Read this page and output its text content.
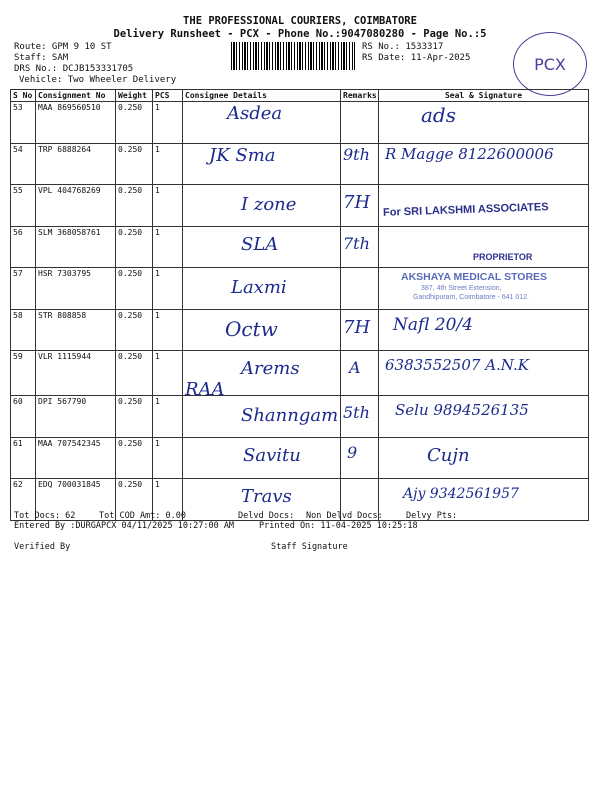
THE PROFESSIONAL COURIERS, COIMBATORE
Delivery Runsheet - PCX - Phone No.:9047080280 - Page No.:5
Route: GPM 9 10 ST
Staff: SAM
DRS No.: DCJB153331705
Vehicle: Two Wheeler Delivery
RS No.: 1533317
RS Date: 11-Apr-2025	PCX
S No	Consignment No	Weight	PCS	Consignee Details	Remarks	Seal & Signature
53	MAA 869560510	0.250	1	Asdea		ads
54	TRP 6888264	0.250	1	JK Sma	9th	R Magge 8122600006
55	VPL 404768269	0.250	1	I zone	7H	For SRI LAKSHMI ASSOCIATES
56	SLM 368058761	0.250	1	SLA	7th	PROPRIETOR
57	HSR 7303795	0.250	1	Laxmi		AKSHAYA MEDICAL STORES
387, 4th Street Extension,
Gandhipuram, Coimbatore - 641 012.

58	STR 808858	0.250	1	Octw	7H	Nafl 20/4
59	VLR 1115944	0.250	1	Arems RAA	A	6383552507 A.N.K
60	DPI 567790	0.250	1	Shanngam	5th	Selu 9894526135
61	MAA 707542345	0.250	1	Savitu	9	Cujn
62	EDQ 700031845	0.250	1	Travs		Ajy 9342561957
Tot Docs: 62	Tot COD Amt: 0.00	Delvd Docs: Non Delvd Docs:	Delvy Pts:
Entered By :DURGAPCX 04/11/2025 10:27:00 AM	Printed On: 11-04-2025 10:25:18
Verified By	Staff Signature
